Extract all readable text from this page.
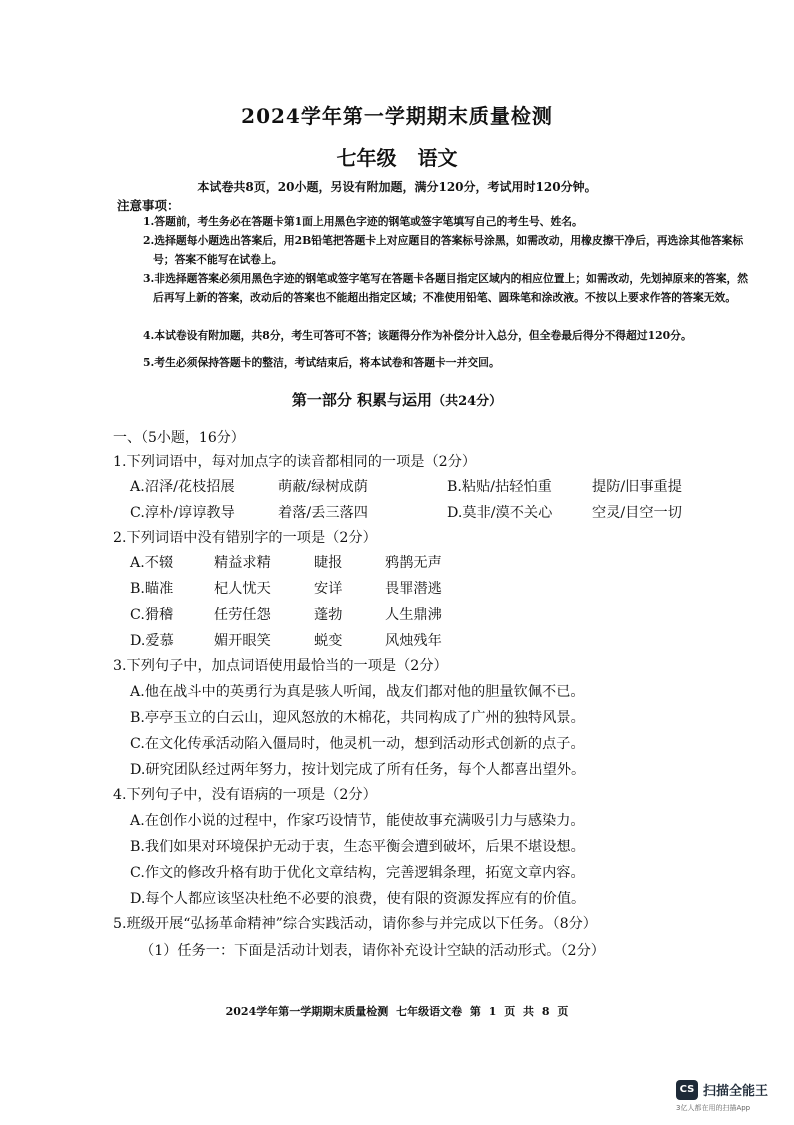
2024学年第一学期期末质量检测
七年级 语文
本试卷共8页，20小题，另设有附加题，满分120分，考试用时120分钟。
注意事项：
1.答题前，考生务必在答题卡第1面上用黑色字迹的钢笔或签字笔填写自己的考生号、姓名。
2.选择题每小题选出答案后，用2B铅笔把答题卡上对应题目的答案标号涂黑，如需改动，用橡皮擦干净后，再选涂其他答案标号；答案不能写在试卷上。
3.非选择题答案必须用黑色字迹的钢笔或签字笔写在答题卡各题目指定区域内的相应位置上；如需改动，先划掉原来的答案，然后再写上新的答案，改动后的答案也不能超出指定区域；不准使用铅笔、圆珠笔和涂改液。不按以上要求作答的答案无效。
4.本试卷设有附加题，共8分，考生可答可不答；该题得分作为补偿分计入总分，但全卷最后得分不得超过120分。
5.考生必须保持答题卡的整洁，考试结束后，将本试卷和答题卡一并交回。
第一部分 积累与运用（共24分）
一、（5小题，16分）
1.下列词语中，每对加点字的读音都相同的一项是（2分）
A.沼泽/花枝招展	萌蔽/绿树成荫	B.粘贴/拈轻怕重	提防/旧事重提
C.淳朴/谆谆教导	着落/丢三落四	D.莫非/漠不关心	空灵/目空一切
2.下列词语中没有错别字的一项是（2分）
A.不辍	精益求精	睫报	鸦鹊无声
B.瞄准	杞人忧天	安详	畏罪潜逃
C.猾稽	任劳任怨	蓬勃	人生鼎沸
D.爱慕	媚开眼笑	蜕变	风烛残年
3.下列句子中，加点词语使用最恰当的一项是（2分）
A.他在战斗中的英勇行为真是骇人听闻，战友们都对他的胆量钦佩不已。
B.亭亭玉立的白云山，迎风怒放的木棉花，共同构成了广州的独特风景。
C.在文化传承活动陷入僵局时，他灵机一动，想到活动形式创新的点子。
D.研究团队经过两年努力，按计划完成了所有任务，每个人都喜出望外。
4.下列句子中，没有语病的一项是（2分）
A.在创作小说的过程中，作家巧设情节，能使故事充满吸引力与感染力。
B.我们如果对环境保护无动于衷，生态平衡会遭到破坏，后果不堪设想。
C.作文的修改升格有助于优化文章结构，完善逻辑条理，拓宽文章内容。
D.每个人都应该坚决杜绝不必要的浪费，使有限的资源发挥应有的价值。
5.班级开展“弘扬革命精神”综合实践活动，请你参与并完成以下任务。（8分）
（1）任务一：下面是活动计划表，请你补充设计空缺的活动形式。（2分）
2024学年第一学期期末质量检测 七年级语文卷 第 1 页 共 8 页
CS 扫描全能王
3亿人都在用的扫描App
